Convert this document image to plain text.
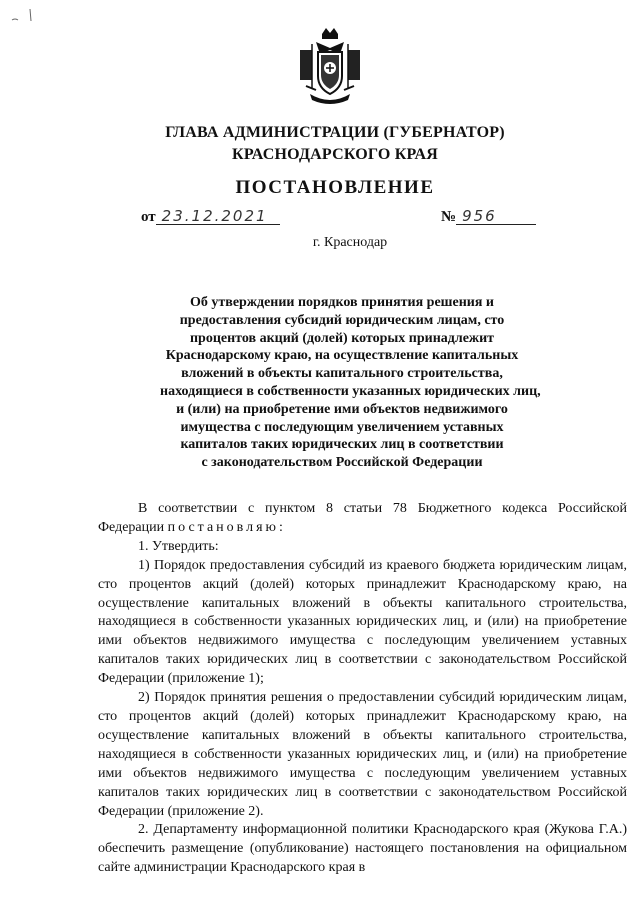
ГЛАВА АДМИНИСТРАЦИИ (ГУБЕРНАТОР)
КРАСНОДАРСКОГО КРАЯ
ПОСТАНОВЛЕНИЕ
от 23.12.2021	№ 956
г. Краснодар
Об утверждении порядков принятия решения и
предоставления субсидий юридическим лицам, сто
процентов акций (долей) которых принадлежит
Краснодарскому краю, на осуществление капитальных
вложений в объекты капитального строительства,
находящиеся в собственности указанных юридических лиц,
и (или) на приобретение ими объектов недвижимого
имущества с последующим увеличением уставных
капиталов таких юридических лиц в соответствии
с законодательством Российской Федерации

В соответствии с пунктом 8 статьи 78 Бюджетного кодекса Российской Федерации постановляю:

1. Утвердить:

1) Порядок предоставления субсидий из краевого бюджета юридическим лицам, сто процентов акций (долей) которых принадлежит Краснодарскому краю, на осуществление капитальных вложений в объекты капитального строительства, находящиеся в собственности указанных юридических лиц, и (или) на приобретение ими объектов недвижимого имущества с последующим увеличением уставных капиталов таких юридических лиц в соответствии с законодательством Российской Федерации (приложение 1);

2) Порядок принятия решения о предоставлении субсидий юридическим лицам, сто процентов акций (долей) которых принадлежит Краснодарскому краю, на осуществление капитальных вложений в объекты капитального строительства, находящиеся в собственности указанных юридических лиц, и (или) на приобретение ими объектов недвижимого имущества с последующим увеличением уставных капиталов таких юридических лиц в соответствии с законодательством Российской Федерации (приложение 2).

2. Департаменту информационной политики Краснодарского края (Жукова Г.А.) обеспечить размещение (опубликование) настоящего постановления на официальном сайте администрации Краснодарского края в
